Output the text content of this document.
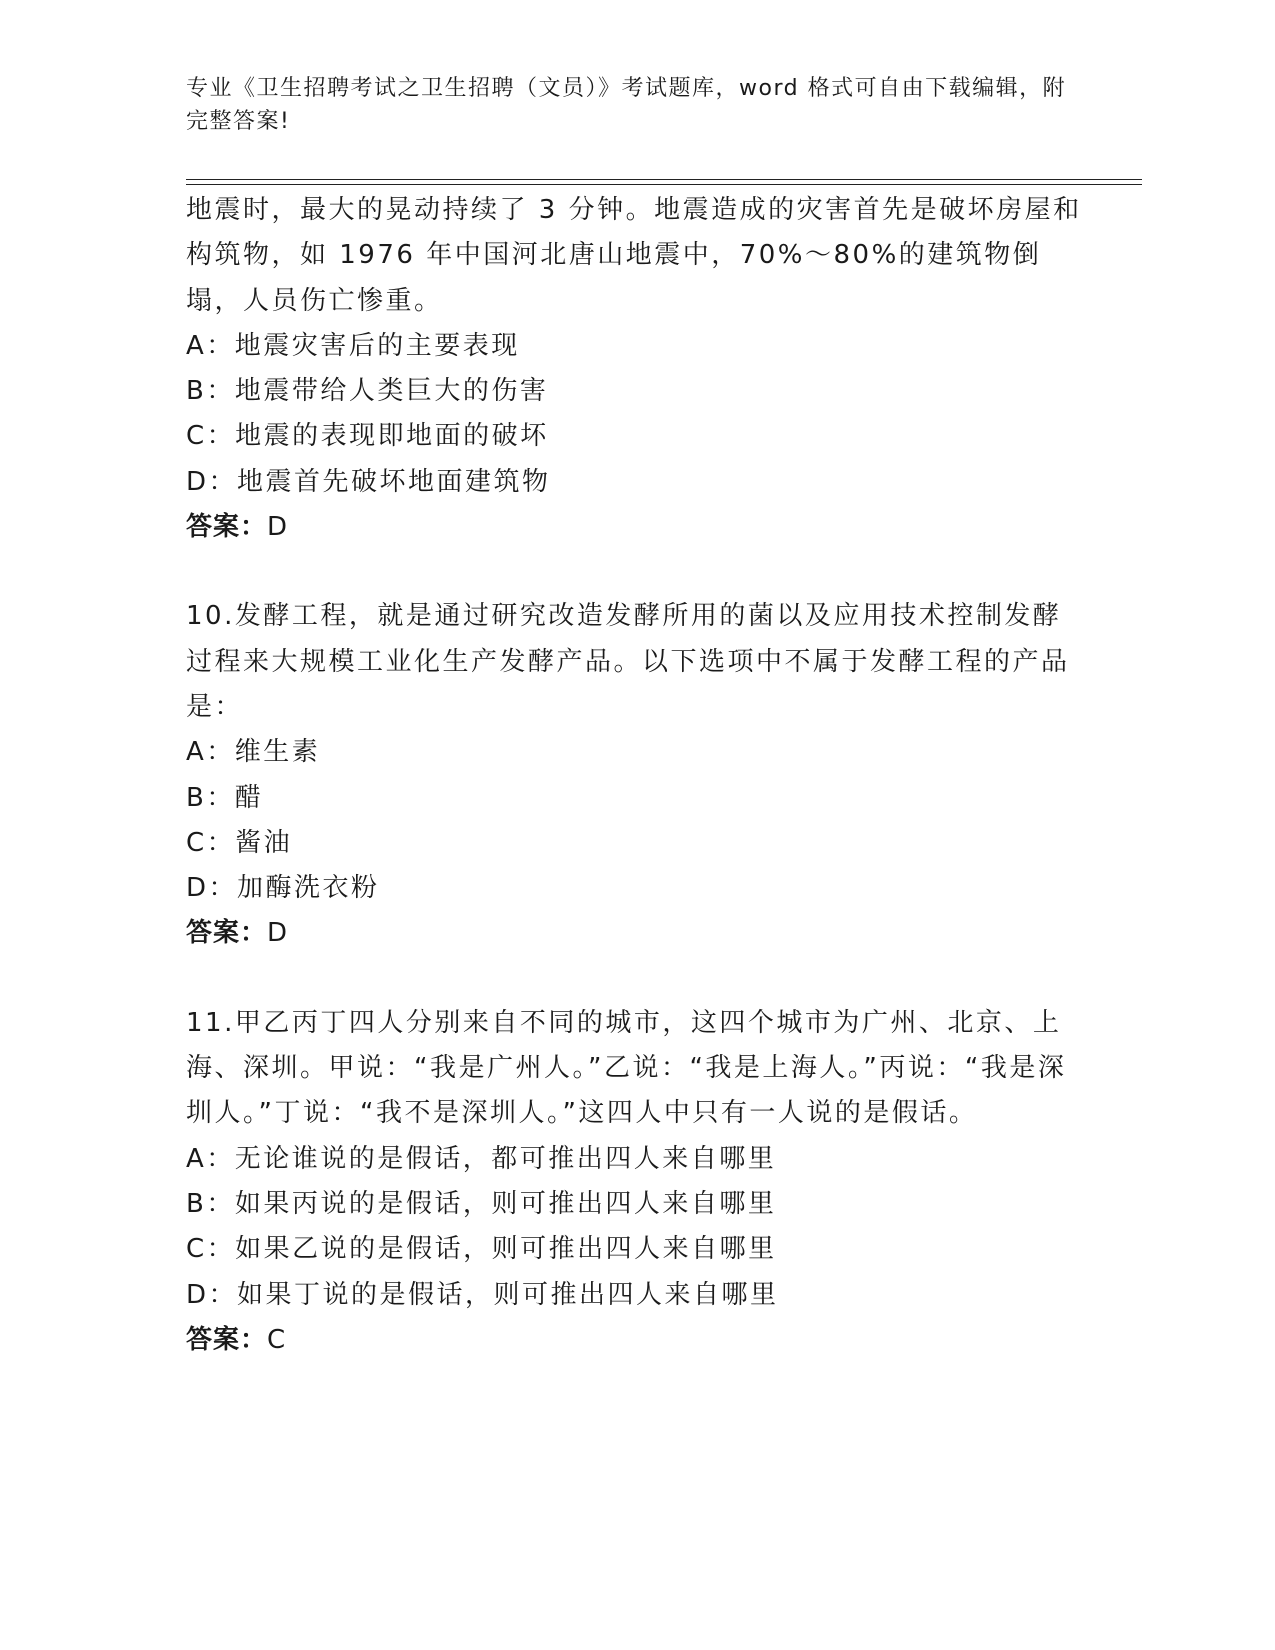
专业《卫生招聘考试之卫生招聘（文员）》考试题库，word 格式可自由下载编辑，附完整答案!

地震时，最大的晃动持续了 3 分钟。地震造成的灾害首先是破坏房屋和构筑物，如 1976 年中国河北唐山地震中，70%～80%的建筑物倒塌，人员伤亡惨重。

A：地震灾害后的主要表现

B：地震带给人类巨大的伤害

C：地震的表现即地面的破坏

D：地震首先破坏地面建筑物

答案：D

10.发酵工程，就是通过研究改造发酵所用的菌以及应用技术控制发酵过程来大规模工业化生产发酵产品。以下选项中不属于发酵工程的产品是：

A：维生素

B：醋

C：酱油

D：加酶洗衣粉

答案：D

11.甲乙丙丁四人分别来自不同的城市，这四个城市为广州、北京、上海、深圳。甲说：“我是广州人。”乙说：“我是上海人。”丙说：“我是深圳人。”丁说：“我不是深圳人。”这四人中只有一人说的是假话。

A：无论谁说的是假话，都可推出四人来自哪里

B：如果丙说的是假话，则可推出四人来自哪里

C：如果乙说的是假话，则可推出四人来自哪里

D：如果丁说的是假话，则可推出四人来自哪里

答案：C
